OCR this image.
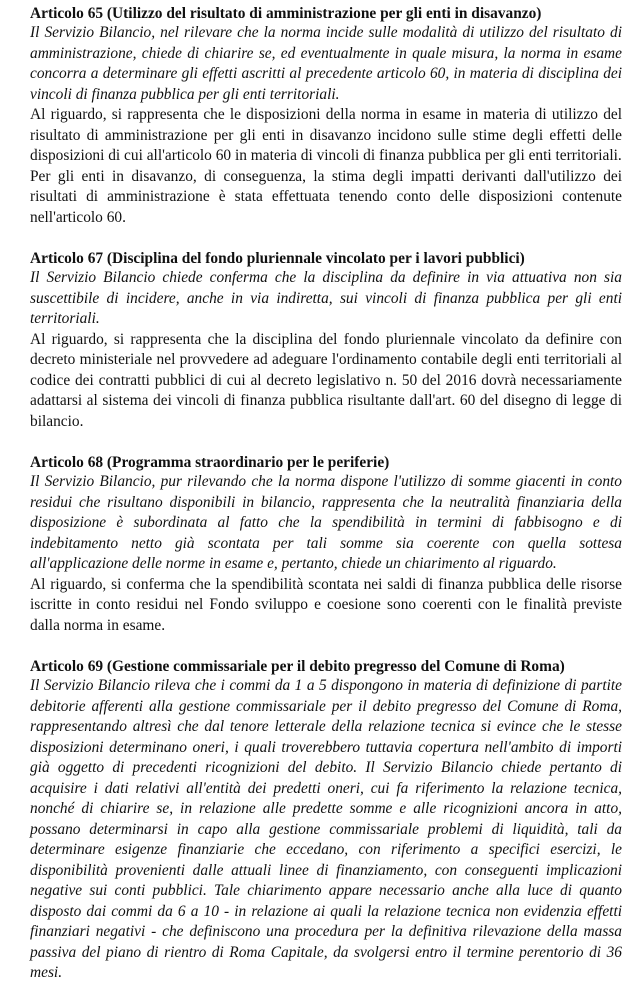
Articolo 65 (Utilizzo del risultato di amministrazione per gli enti in disavanzo)

Il Servizio Bilancio, nel rilevare che la norma incide sulle modalità di utilizzo del risultato di amministrazione, chiede di chiarire se, ed eventualmente in quale misura, la norma in esame concorra a determinare gli effetti ascritti al precedente articolo 60, in materia di disciplina dei vincoli di finanza pubblica per gli enti territoriali.

Al riguardo, si rappresenta che le disposizioni della norma in esame in materia di utilizzo del risultato di amministrazione per gli enti in disavanzo incidono sulle stime degli effetti delle disposizioni di cui all'articolo 60 in materia di vincoli di finanza pubblica per gli enti territoriali.

Per gli enti in disavanzo, di conseguenza, la stima degli impatti derivanti dall'utilizzo dei risultati di amministrazione è stata effettuata tenendo conto delle disposizioni contenute nell'articolo 60.

Articolo 67 (Disciplina del fondo pluriennale vincolato per i lavori pubblici)

Il Servizio Bilancio chiede conferma che la disciplina da definire in via attuativa non sia suscettibile di incidere, anche in via indiretta, sui vincoli di finanza pubblica per gli enti territoriali.

Al riguardo, si rappresenta che la disciplina del fondo pluriennale vincolato da definire con decreto ministeriale nel provvedere ad adeguare l'ordinamento contabile degli enti territoriali al codice dei contratti pubblici di cui al decreto legislativo n. 50 del 2016 dovrà necessariamente adattarsi al sistema dei vincoli di finanza pubblica risultante dall'art. 60 del disegno di legge di bilancio.

Articolo 68 (Programma straordinario per le periferie)

Il Servizio Bilancio, pur rilevando che la norma dispone l'utilizzo di somme giacenti in conto residui che risultano disponibili in bilancio, rappresenta che la neutralità finanziaria della disposizione è subordinata al fatto che la spendibilità in termini di fabbisogno e di indebitamento netto già scontata per tali somme sia coerente con quella sottesa all'applicazione delle norme in esame e, pertanto, chiede un chiarimento al riguardo.

Al riguardo, si conferma che la spendibilità scontata nei saldi di finanza pubblica delle risorse iscritte in conto residui nel Fondo sviluppo e coesione sono coerenti con le finalità previste dalla norma in esame.

Articolo 69 (Gestione commissariale per il debito pregresso del Comune di Roma)

Il Servizio Bilancio rileva che i commi da 1 a 5 dispongono in materia di definizione di partite debitorie afferenti alla gestione commissariale per il debito pregresso del Comune di Roma, rappresentando altresì che dal tenore letterale della relazione tecnica si evince che le stesse disposizioni determinano oneri, i quali troverebbero tuttavia copertura nell'ambito di importi già oggetto di precedenti ricognizioni del debito. Il Servizio Bilancio chiede pertanto di acquisire i dati relativi all'entità dei predetti oneri, cui fa riferimento la relazione tecnica, nonché di chiarire se, in relazione alle predette somme e alle ricognizioni ancora in atto, possano determinarsi in capo alla gestione commissariale problemi di liquidità, tali da determinare esigenze finanziarie che eccedano, con riferimento a specifici esercizi, le disponibilità provenienti dalle attuali linee di finanziamento, con conseguenti implicazioni negative sui conti pubblici. Tale chiarimento appare necessario anche alla luce di quanto disposto dai commi da 6 a 10 - in relazione ai quali la relazione tecnica non evidenzia effetti finanziari negativi - che definiscono una procedura per la definitiva rilevazione della massa passiva del piano di rientro di Roma Capitale, da svolgersi entro il termine perentorio di 36 mesi.
